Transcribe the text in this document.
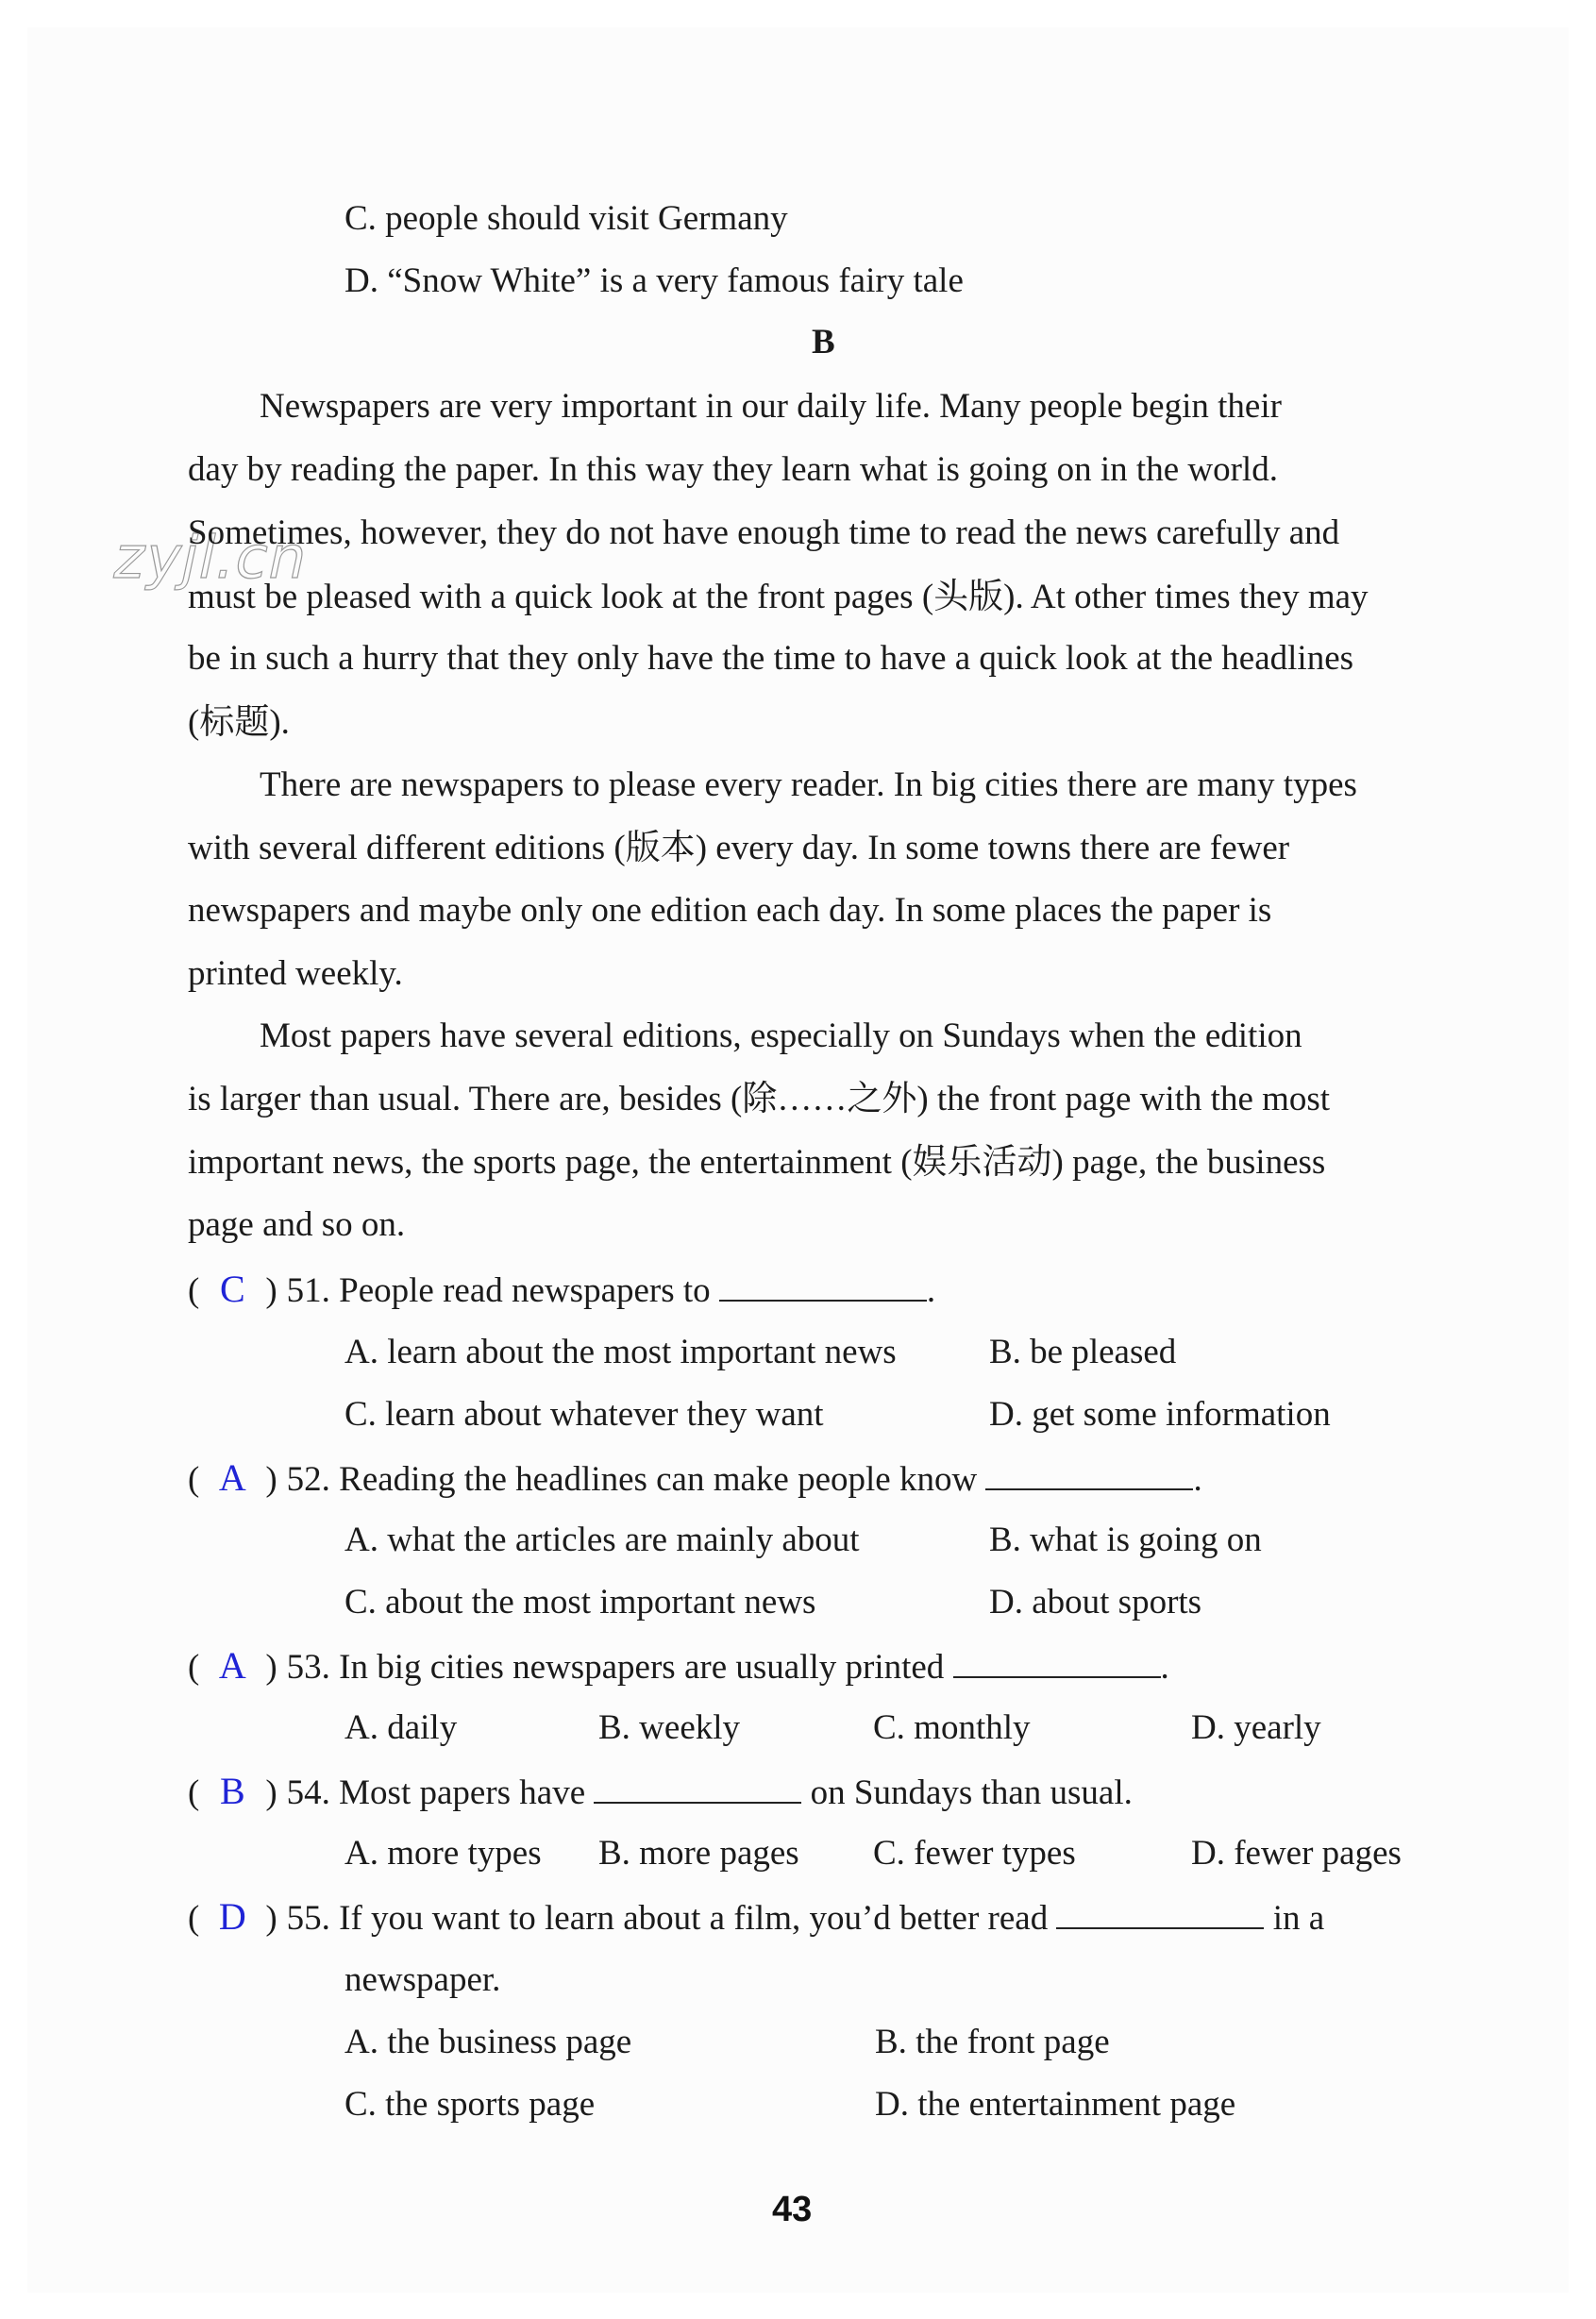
zyjl.cn
C. people should visit Germany
D. “Snow White” is a very famous fairy tale
B
Newspapers are very important in our daily life. Many people begin their
day by reading the paper. In this way they learn what is going on in the world.
Sometimes, however, they do not have enough time to read the news carefully and
must be pleased with a quick look at the front pages (头版). At other times they may
be in such a hurry that they only have the time to have a quick look at the headlines
(标题).
There are newspapers to please every reader. In big cities there are many types
with several different editions (版本) every day. In some towns there are fewer
newspapers and maybe only one edition each day. In some places the paper is
printed weekly.
Most papers have several editions, especially on Sundays when the edition
is larger than usual. There are, besides (除……之外) the front page with the most
important news, the sports page, the entertainment (娱乐活动) page, the business
page and so on.
( C ) 51. People read newspapers to	.
A. learn about the most important news	B. be pleased
C. learn about whatever they want	D. get some information
( A ) 52. Reading the headlines can make people know	.
A. what the articles are mainly about	B. what is going on
C. about the most important news	D. about sports
( A ) 53. In big cities newspapers are usually printed	.
A. daily	B. weekly	C. monthly	D. yearly
( B ) 54. Most papers have	on Sundays than usual.
A. more types B. more pages C. fewer types	D. fewer pages
( D ) 55. If you want to learn about a film, you’d better read	in a
newspaper.
A. the business page	B. the front page
C. the sports page	D. the entertainment page
43
